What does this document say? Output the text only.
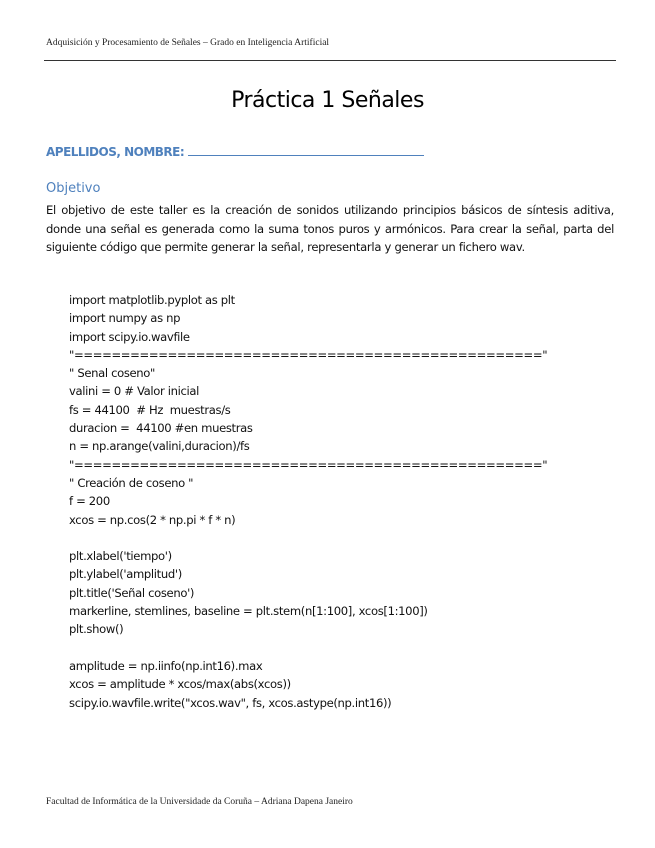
Adquisición y Procesamiento de Señales – Grado en Inteligencia Artificial
Práctica 1 Señales
APELLIDOS, NOMBRE:
Objetivo
El objetivo de este taller es la creación de sonidos utilizando principios básicos de síntesis aditiva, donde una señal es generada como la suma tonos puros y armónicos. Para crear la señal, parta del siguiente código que permite generar la señal, representarla y generar un fichero wav.
import matplotlib.pyplot as plt
import numpy as np
import scipy.io.wavfile
"=================================================="
" Senal coseno"
valini = 0 # Valor inicial
fs = 44100  # Hz  muestras/s
duracion =  44100 #en muestras
n = np.arange(valini,duracion)/fs
"=================================================="
" Creación de coseno "
f = 200
xcos = np.cos(2 * np.pi * f * n)
plt.xlabel('tiempo')
plt.ylabel('amplitud')
plt.title('Señal coseno')
markerline, stemlines, baseline = plt.stem(n[1:100], xcos[1:100])
plt.show()
amplitude = np.iinfo(np.int16).max
xcos = amplitude * xcos/max(abs(xcos))
scipy.io.wavfile.write("xcos.wav", fs, xcos.astype(np.int16))
Facultad de Informática de la Universidade da Coruña – Adriana Dapena Janeiro
